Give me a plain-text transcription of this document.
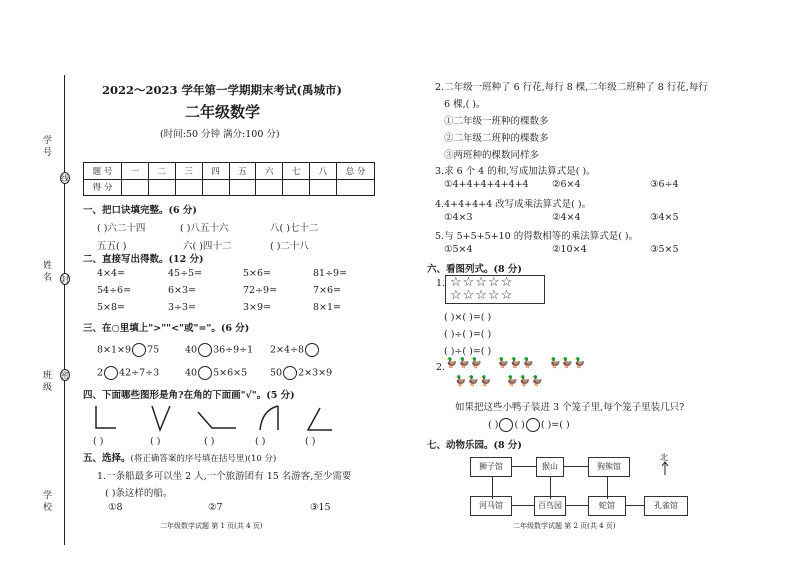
学 号
线
姓 名 封
班 级 密
学 校
2022～2023 学年第一学期期末考试(禹城市)
二年级数学
(时间:50 分钟 满分:100 分)
题 号	一	二	三	四	五	六	七	八	总 分
得 分									
一、把口诀填完整。(6 分)
( )六二十四	( )八五十六	八( )七十二
五五( )	六( )四十二	( )二十八
二、直接写出得数。(12 分)
4×4=	45÷5=	5×6=	81÷9=
54÷6=	6×3=	72÷9=	7×6=
5×8=	3÷3=	3×9=	8×1=
三、在○里填上">""<"或"="。(6 分)
8×1×9 75	40 36÷9÷1 2×4÷8
2 42÷7÷3	40 5×6×5 50 2×3×9
四、下面哪些图形是角?在角的下面画"√"。(5 分)
( )	( )	( )	( )	( )
五、选择。(将正确答案的序号填在括号里)(10 分)
1.一条船最多可以坐 2 人,一个旅游团有 15 名游客,至少需要
( )条这样的船。
①8	②7	③15
二年级数学试题 第 1 页(共 4 页)
2.二年级一班种了 6 行花,每行 8 棵,二年级二班种了 8 行花,每行
6 棵,( )。
①二年级一班种的棵数多
②二年级二班种的棵数多
③两班种的棵数同样多
3.求 6 个 4 的和,写成加法算式是( )。
①4+4+4+4+4+4 ②6×4	③6÷4
4.4+4+4+4 改写成乘法算式是( )。
①4×3	②4×4	③4×5
5.与 5+5+5+10 的得数相等的乘法算式是( )。
①5×4	②10×4	③5×5
六、看图列式。(8 分)
1. ☆☆☆☆☆
☆☆☆☆☆
( )×( )=( )
( )÷( )=( )
( )÷( )=( )
2. 🦆🦆🦆 🦆🦆🦆 🦆🦆🦆
🦆🦆🦆 🦆🦆🦆
如果把这些小鸭子装进 3 个笼子里,每个笼子里装几只?
( ) ( ) ( )=( )
七、动物乐园。(8 分)
狮子馆	猴山	狗熊馆
河马馆	百鸟园	蛇馆	孔雀馆
北
二年级数学试题 第 2 页(共 4 页)
